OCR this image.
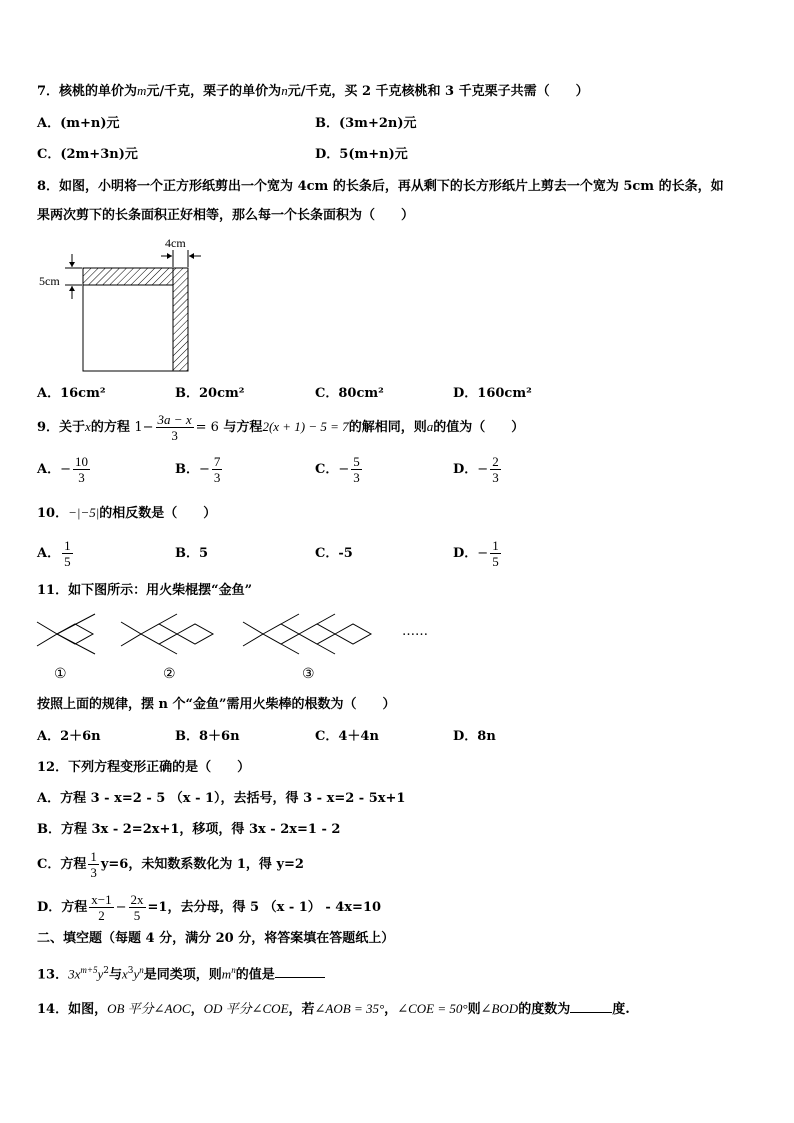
7．核桃的单价为m元/千克，栗子的单价为n元/千克，买 2 千克核桃和 3 千克栗子共需（　　）
A．(m+n)元	B．(3m+2n)元
C．(2m+3n)元	D．5(m+n)元
8．如图，小明将一个正方形纸剪出一个宽为 4cm 的长条后，再从剩下的长方形纸片上剪去一个宽为 5cm 的长条，如
果两次剪下的长条面积正好相等，那么每一个长条面积为（　　）
4cm
5cm
A．16cm²	B．20cm²	C．80cm²	D．160cm²
9．关于x的方程 $1- \frac{3a - x}{3} = 6$ 与方程2(x + 1) − 5 = 7的解相同，则a的值为（　　）
A．− $\frac{10}{3}$	B．− $\frac{7}{3}$	C．− $\frac{5}{3}$	D．− $\frac{2}{3}$
10．−|−5|的相反数是（　　）
A． $\frac{1}{5}$	B．5	C．-5	D．− $\frac{1}{5}$
11．如下图所示：用火柴棍摆“金鱼”
……
①	②	③
按照上面的规律，摆 n 个“金鱼”需用火柴棒的根数为（　　）
A．2＋6n	B．8＋6n	C．4＋4n	D．8n
12．下列方程变形正确的是（　　）
A．方程 3 - x=2 - 5 （x - 1），去括号，得 3 - x=2 - 5x+1
B．方程 3x - 2=2x+1，移项，得 3x - 2x=1 - 2
C．方程 $\frac{1}{3} y=6$，未知数系数化为 1，得 y=2
D．方程 $\frac{x-1}{2} - \frac{2x}{5} =1$，去分母，得 5 （x - 1） - 4x=10
二、填空题（每题 4 分，满分 20 分，将答案填在答题纸上）
13．$3x^{m+5}y^2$与$x^3y^n$是同类项，则$m^n$的值是
14．如图，OB 平分∠AOC，OD 平分∠COE，若∠AOB = 35°，∠COE = 50°则∠BOD的度数为	度.
